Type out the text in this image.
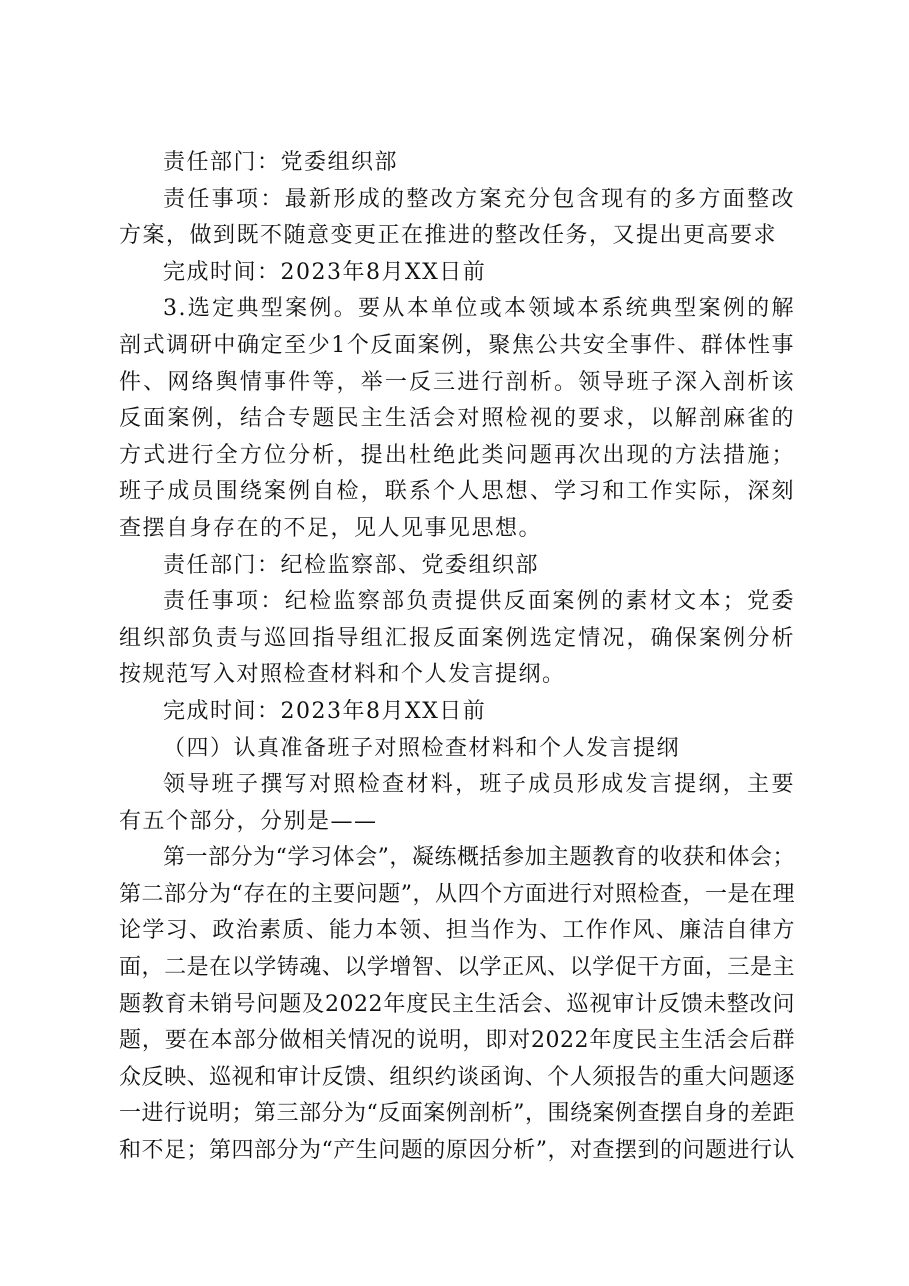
责任部门：党委组织部

责任事项：最新形成的整改方案充分包含现有的多方面整改方案，做到既不随意变更正在推进的整改任务，又提出更高要求

完成时间：2023年8月XX日前

3.选定典型案例。要从本单位或本领域本系统典型案例的解剖式调研中确定至少1个反面案例，聚焦公共安全事件、群体性事件、网络舆情事件等，举一反三进行剖析。领导班子深入剖析该反面案例，结合专题民主生活会对照检视的要求，以解剖麻雀的方式进行全方位分析，提出杜绝此类问题再次出现的方法措施；班子成员围绕案例自检，联系个人思想、学习和工作实际，深刻查摆自身存在的不足，见人见事见思想。

责任部门：纪检监察部、党委组织部

责任事项：纪检监察部负责提供反面案例的素材文本；党委组织部负责与巡回指导组汇报反面案例选定情况，确保案例分析按规范写入对照检查材料和个人发言提纲。

完成时间：2023年8月XX日前

（四）认真准备班子对照检查材料和个人发言提纲

领导班子撰写对照检查材料，班子成员形成发言提纲，主要有五个部分，分别是——

第一部分为“学习体会”，凝练概括参加主题教育的收获和体会；第二部分为“存在的主要问题”，从四个方面进行对照检查，一是在理论学习、政治素质、能力本领、担当作为、工作作风、廉洁自律方面，二是在以学铸魂、以学增智、以学正风、以学促干方面，三是主题教育未销号问题及2022年度民主生活会、巡视审计反馈未整改问题，要在本部分做相关情况的说明，即对2022年度民主生活会后群众反映、巡视和审计反馈、组织约谈函询、个人须报告的重大问题逐一进行说明；第三部分为“反面案例剖析”，围绕案例查摆自身的差距和不足；第四部分为“产生问题的原因分析”，对查摆到的问题进行认
